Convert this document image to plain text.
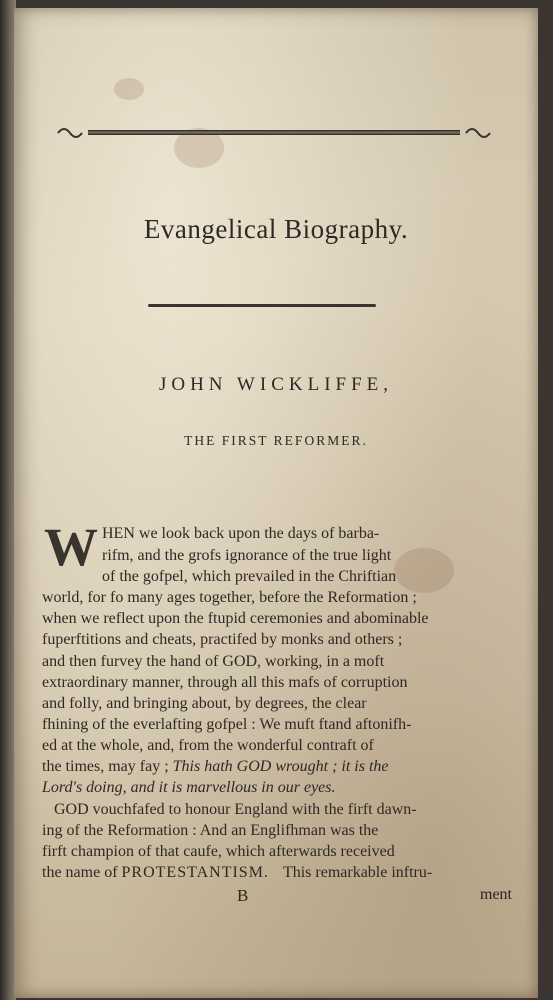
Evangelical Biography.
JOHN WICKLIFFE,
THE FIRST REFORMER.
W HEN we look back upon the days of barba-
rifm, and the grofs ignorance of the true light
of the gofpel, which prevailed in the Chriftian
world, for fo many ages together, before the Reformation ;
when we reflect upon the ftupid ceremonies and abominable
fuperftitions and cheats, practifed by monks and others ;
and then furvey the hand of GOD, working, in a moft
extraordinary manner, through all this mafs of corruption
and folly, and bringing about, by degrees, the clear
fhining of the everlafting gofpel : We muft ftand aftonifh-
ed at the whole, and, from the wonderful contraft of
the times, may fay ; This hath GOD wrought ; it is the
Lord's doing, and it is marvellous in our eyes.
GOD vouchfafed to honour England with the firft dawn-
ing of the Reformation : And an Englifhman was the
firft champion of that caufe, which afterwards received
the name of PROTESTANTISM. This remarkable inftru-
B	ment
